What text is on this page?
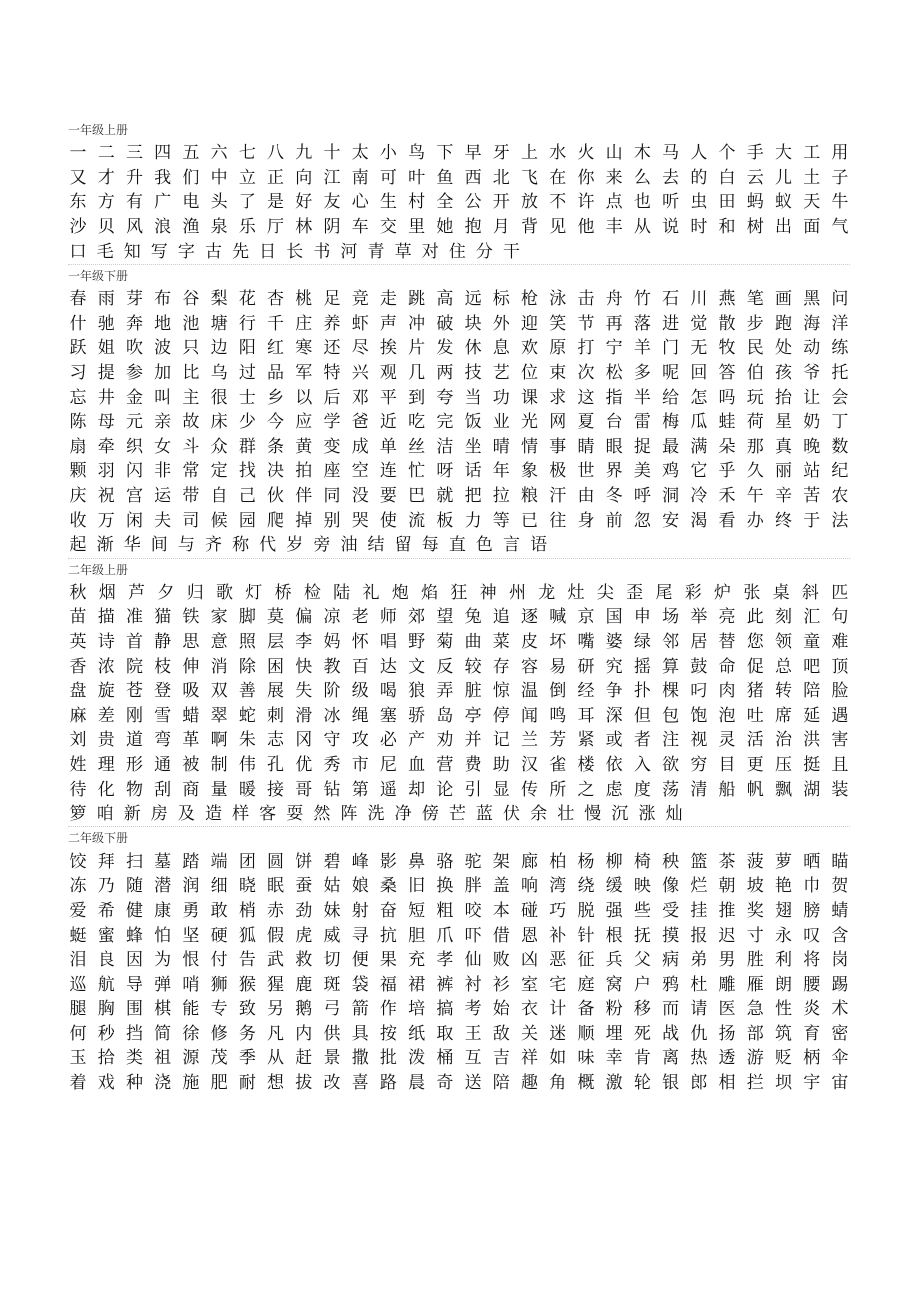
一年级上册
一 二 三 四 五 六 七 八 九 十 太 小 鸟 下 早 牙 上 水 火 山 木 马 人 个 手 大 工 用
又 才 升 我 们 中 立 正 向 江 南 可 叶 鱼 西 北 飞 在 你 来 么 去 的 白 云 儿 土 子
东 方 有 广 电 头 了 是 好 友 心 生 村 全 公 开 放 不 许 点 也 听 虫 田 蚂 蚁 天 牛
沙 贝 风 浪 渔 泉 乐 厅 林 阴 车 交 里 她 抱 月 背 见 他 丰 从 说 时 和 树 出 面 气
口 毛 知 写 字 古 先 日 长 书 河 青 草 对 住 分 干
一年级下册
春 雨 芽 布 谷 梨 花 杏 桃 足 竞 走 跳 高 远 标 枪 泳 击 舟 竹 石 川 燕 笔 画 黑 问
什 驰 奔 地 池 塘 行 千 庄 养 虾 声 冲 破 块 外 迎 笑 节 再 落 进 觉 散 步 跑 海 洋
跃 姐 吹 波 只 边 阳 红 寒 还 尽 挨 片 发 休 息 欢 原 打 宁 羊 门 无 牧 民 处 动 练
习 提 参 加 比 乌 过 品 军 特 兴 观 几 两 技 艺 位 束 次 松 多 呢 回 答 伯 孩 爷 托
忘 井 金 叫 主 很 士 乡 以 后 邓 平 到 夸 当 功 课 求 这 指 半 给 怎 吗 玩 抬 让 会
陈 母 元 亲 故 床 少 今 应 学 爸 近 吃 完 饭 业 光 网 夏 台 雷 梅 瓜 蛙 荷 星 奶 丁
扇 牵 织 女 斗 众 群 条 黄 变 成 单 丝 洁 坐 晴 情 事 睛 眼 捉 最 满 朵 那 真 晚 数
颗 羽 闪 非 常 定 找 决 拍 座 空 连 忙 呀 话 年 象 极 世 界 美 鸡 它 乎 久 丽 站 纪
庆 祝 宫 运 带 自 己 伙 伴 同 没 要 巴 就 把 拉 粮 汗 由 冬 呼 洞 冷 禾 午 辛 苦 农
收 万 闲 夫 司 候 园 爬 掉 别 哭 使 流 板 力 等 已 往 身 前 忽 安 渴 看 办 终 于 法
起 渐 华 间 与 齐 称 代 岁 旁 油 结 留 每 直 色 言 语
二年级上册
秋 烟 芦 夕 归 歌 灯 桥 检 陆 礼 炮 焰 狂 神 州 龙 灶 尖 歪 尾 彩 炉 张 桌 斜 匹
苗 描 准 猫 铁 家 脚 莫 偏 凉 老 师 郊 望 兔 追 逐 喊 京 国 申 场 举 亮 此 刻 汇 句
英 诗 首 静 思 意 照 层 李 妈 怀 唱 野 菊 曲 菜 皮 坏 嘴 婆 绿 邻 居 替 您 领 童 难
香 浓 院 枝 伸 消 除 困 快 教 百 达 文 反 较 存 容 易 研 究 摇 算 鼓 命 促 总 吧 顶
盘 旋 苍 登 吸 双 善 展 失 阶 级 喝 狼 弄 脏 惊 温 倒 经 争 扑 棵 叼 肉 猪 转 陪 脸
麻 差 刚 雪 蜡 翠 蛇 刺 滑 冰 绳 塞 骄 岛 亭 停 闻 鸣 耳 深 但 包 饱 泡 吐 席 延 遇
刘 贵 道 弯 革 啊 朱 志 冈 守 攻 必 产 劝 并 记 兰 芳 紧 或 者 注 视 灵 活 治 洪 害
姓 理 形 通 被 制 伟 孔 优 秀 市 尼 血 营 费 助 汉 雀 楼 依 入 欲 穷 目 更 压 挺 且
待 化 物 刮 商 量 暖 接 哥 钻 第 遥 却 论 引 显 传 所 之 虑 度 荡 清 船 帆 飘 湖 装
箩 咱 新 房 及 造 样 客 耍 然 阵 洗 净 傍 芒 蓝 伏 余 壮 慢 沉 涨 灿
二年级下册
饺 拜 扫 墓 踏 端 团 圆 饼 碧 峰 影 鼻 骆 驼 架 廊 柏 杨 柳 椅 秧 篮 茶 菠 萝 晒 瞄
冻 乃 随 潜 润 细 晓 眠 蚕 姑 娘 桑 旧 换 胖 盖 响 湾 绕 缓 映 像 烂 朝 坡 艳 巾 贺
爱 希 健 康 勇 敢 梢 赤 劲 妹 射 奋 短 粗 咬 本 碰 巧 脱 强 些 受 挂 推 奖 翅 膀 蜻
蜓 蜜 蜂 怕 坚 硬 狐 假 虎 威 寻 抗 胆 爪 吓 借 恩 补 针 根 抚 摸 报 迟 寸 永 叹 含
泪 良 因 为 恨 付 告 武 救 切 便 果 充 孝 仙 败 凶 恶 征 兵 父 病 弟 男 胜 利 将 岗
巡 航 导 弹 哨 狮 猴 猩 鹿 斑 袋 福 裙 裤 衬 衫 室 宅 庭 窝 户 鸦 杜 雕 雁 朗 腰 踢
腿 胸 围 棋 能 专 致 另 鹅 弓 箭 作 培 搞 考 始 衣 计 备 粉 移 而 请 医 急 性 炎 术
何 秒 挡 简 徐 修 务 凡 内 供 具 按 纸 取 王 敌 关 迷 顺 埋 死 战 仇 扬 部 筑 育 密
玉 拾 类 祖 源 茂 季 从 赶 景 撒 批 泼 桶 互 吉 祥 如 味 幸 肯 离 热 透 游 贬 柄 伞
着 戏 种 浇 施 肥 耐 想 拔 改 喜 路 晨 奇 送 陪 趣 角 概 激 轮 银 郎 相 拦 坝 宇 宙
